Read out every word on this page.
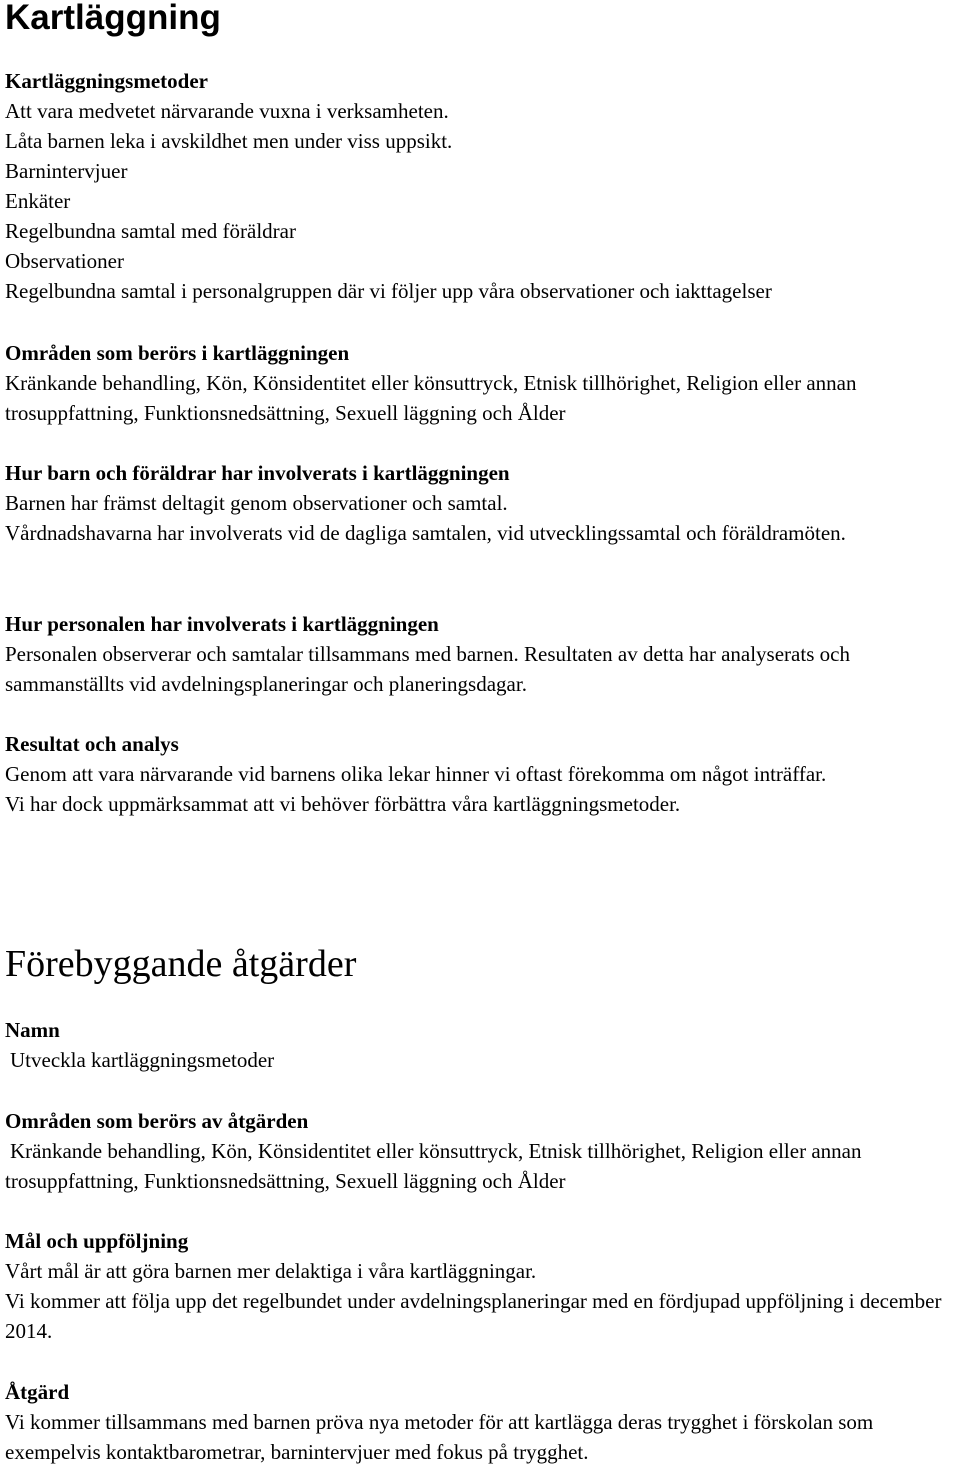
Kartläggning
Kartläggningsmetoder
Att vara medvetet närvarande vuxna i verksamheten.
Låta barnen leka i avskildhet men under viss uppsikt.
Barnintervjuer
Enkäter
Regelbundna samtal med föräldrar
Observationer
Regelbundna samtal i personalgruppen där vi följer upp våra observationer och iakttagelser
Områden som berörs i kartläggningen
Kränkande behandling, Kön, Könsidentitet eller könsuttryck, Etnisk tillhörighet, Religion eller annan trosuppfattning, Funktionsnedsättning, Sexuell läggning och Ålder
Hur barn och föräldrar har involverats i kartläggningen
Barnen har främst deltagit genom observationer och samtal.
Vårdnadshavarna har involverats vid de dagliga samtalen, vid utvecklingssamtal och föräldramöten.
Hur personalen har involverats i kartläggningen
Personalen observerar och samtalar tillsammans med barnen. Resultaten av detta har analyserats och sammanställts vid avdelningsplaneringar och planeringsdagar.
Resultat och analys
Genom att vara närvarande vid barnens olika lekar hinner vi oftast förekomma om något inträffar.
Vi har dock uppmärksammat att vi behöver förbättra våra kartläggningsmetoder.
Förebyggande åtgärder
Namn
Utveckla kartläggningsmetoder
Områden som berörs av åtgärden
Kränkande behandling, Kön, Könsidentitet eller könsuttryck, Etnisk tillhörighet, Religion eller annan trosuppfattning, Funktionsnedsättning, Sexuell läggning och Ålder
Mål och uppföljning
Vårt mål är att göra barnen mer delaktiga i våra kartläggningar.
Vi kommer att följa upp det regelbundet under avdelningsplaneringar med en fördjupad uppföljning i december 2014.
Åtgärd
Vi kommer tillsammans med barnen pröva nya metoder för att kartlägga deras trygghet i förskolan som exempelvis kontaktbarometrar, barnintervjuer med fokus på trygghet.
